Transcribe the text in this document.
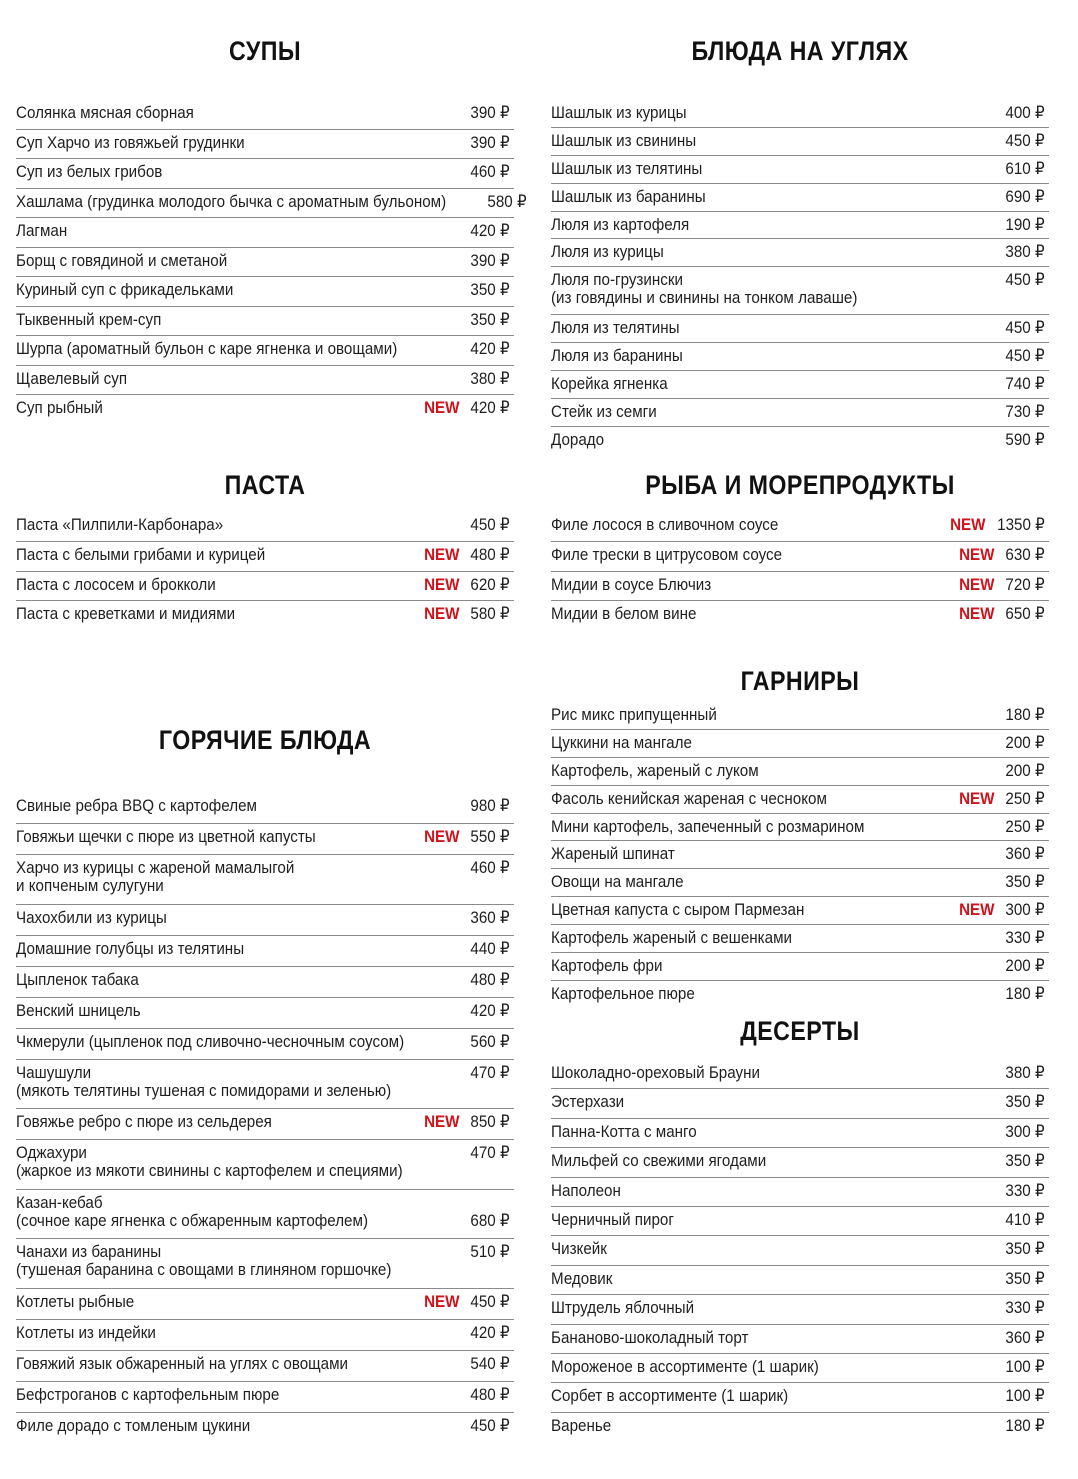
СУПЫ
Солянка мясная сборная	390 ₽
Суп Харчо из говяжьей грудинки	390 ₽
Суп из белых грибов	460 ₽
Хашлама (грудинка молодого бычка с ароматным бульоном) 580 ₽
Лагман	420 ₽
Борщ с говядиной и сметаной	390 ₽
Куриный суп с фрикадельками	350 ₽
Тыквенный крем-суп	350 ₽
Шурпа (ароматный бульон с каре ягненка и овощами)	420 ₽
Щавелевый суп	380 ₽
Суп рыбный	NEW 420 ₽
БЛЮДА НА УГЛЯХ
Шашлык из курицы	400 ₽
Шашлык из свинины	450 ₽
Шашлык из телятины	610 ₽
Шашлык из баранины	690 ₽
Люля из картофеля	190 ₽
Люля из курицы	380 ₽
Люля по-грузински
(из говядины и свинины на тонком лаваше)
450 ₽
Люля из телятины	450 ₽
Люля из баранины	450 ₽
Корейка ягненка	740 ₽
Стейк из семги	730 ₽
Дорадо	590 ₽
ПАСТА
Паста «Пилпили-Карбонара»	450 ₽
Паста с белыми грибами и курицей	NEW 480 ₽
Паста с лососем и брокколи	NEW 620 ₽
Паста с креветками и мидиями	NEW 580 ₽
РЫБА И МОРЕПРОДУКТЫ
Филе лосося в сливочном соусе	NEW 1350 ₽
Филе трески в цитрусовом соусе	NEW 630 ₽
Мидии в соусе Блючиз	NEW 720 ₽
Мидии в белом вине	NEW 650 ₽
ГОРЯЧИЕ БЛЮДА
Свиные ребра BBQ с картофелем	980 ₽
Говяжьи щечки с пюре из цветной капусты	NEW 550 ₽
Харчо из курицы с жареной мамалыгой
и копченым сулугуни
460 ₽
Чахохбили из курицы	360 ₽
Домашние голубцы из телятины	440 ₽
Цыпленок табака	480 ₽
Венский шницель	420 ₽
Чкмерули (цыпленок под сливочно-чесночным соусом)	560 ₽
Чашушули
(мякоть телятины тушеная с помидорами и зеленью)
470 ₽
Говяжье ребро с пюре из сельдерея	NEW 850 ₽
Оджахури
(жаркое из мякоти свинины с картофелем и специями)
470 ₽
Казан-кебаб
(сочное каре ягненка с обжаренным картофелем)	680 ₽
Чанахи из баранины
(тушеная баранина с овощами в глиняном горшочке)
510 ₽
Котлеты рыбные	NEW 450 ₽
Котлеты из индейки	420 ₽
Говяжий язык обжаренный на углях с овощами	540 ₽
Бефстроганов с картофельным пюре	480 ₽
Филе дорадо с томленым цукини	450 ₽
ГАРНИРЫ
Рис микс припущенный	180 ₽
Цуккини на мангале	200 ₽
Картофель, жареный с луком	200 ₽
Фасоль кенийская жареная с чесноком	NEW 250 ₽
Мини картофель, запеченный с розмарином	250 ₽
Жареный шпинат	360 ₽
Овощи на мангале	350 ₽
Цветная капуста с сыром Пармезан	NEW 300 ₽
Картофель жареный с вешенками	330 ₽
Картофель фри	200 ₽
Картофельное пюре	180 ₽
ДЕСЕРТЫ
Шоколадно-ореховый Брауни	380 ₽
Эстерхази	350 ₽
Панна-Котта с манго	300 ₽
Мильфей со свежими ягодами	350 ₽
Наполеон	330 ₽
Черничный пирог	410 ₽
Чизкейк	350 ₽
Медовик	350 ₽
Штрудель яблочный	330 ₽
Бананово-шоколадный торт	360 ₽
Мороженое в ассортименте (1 шарик)	100 ₽
Сорбет в ассортименте (1 шарик)	100 ₽
Варенье	180 ₽
